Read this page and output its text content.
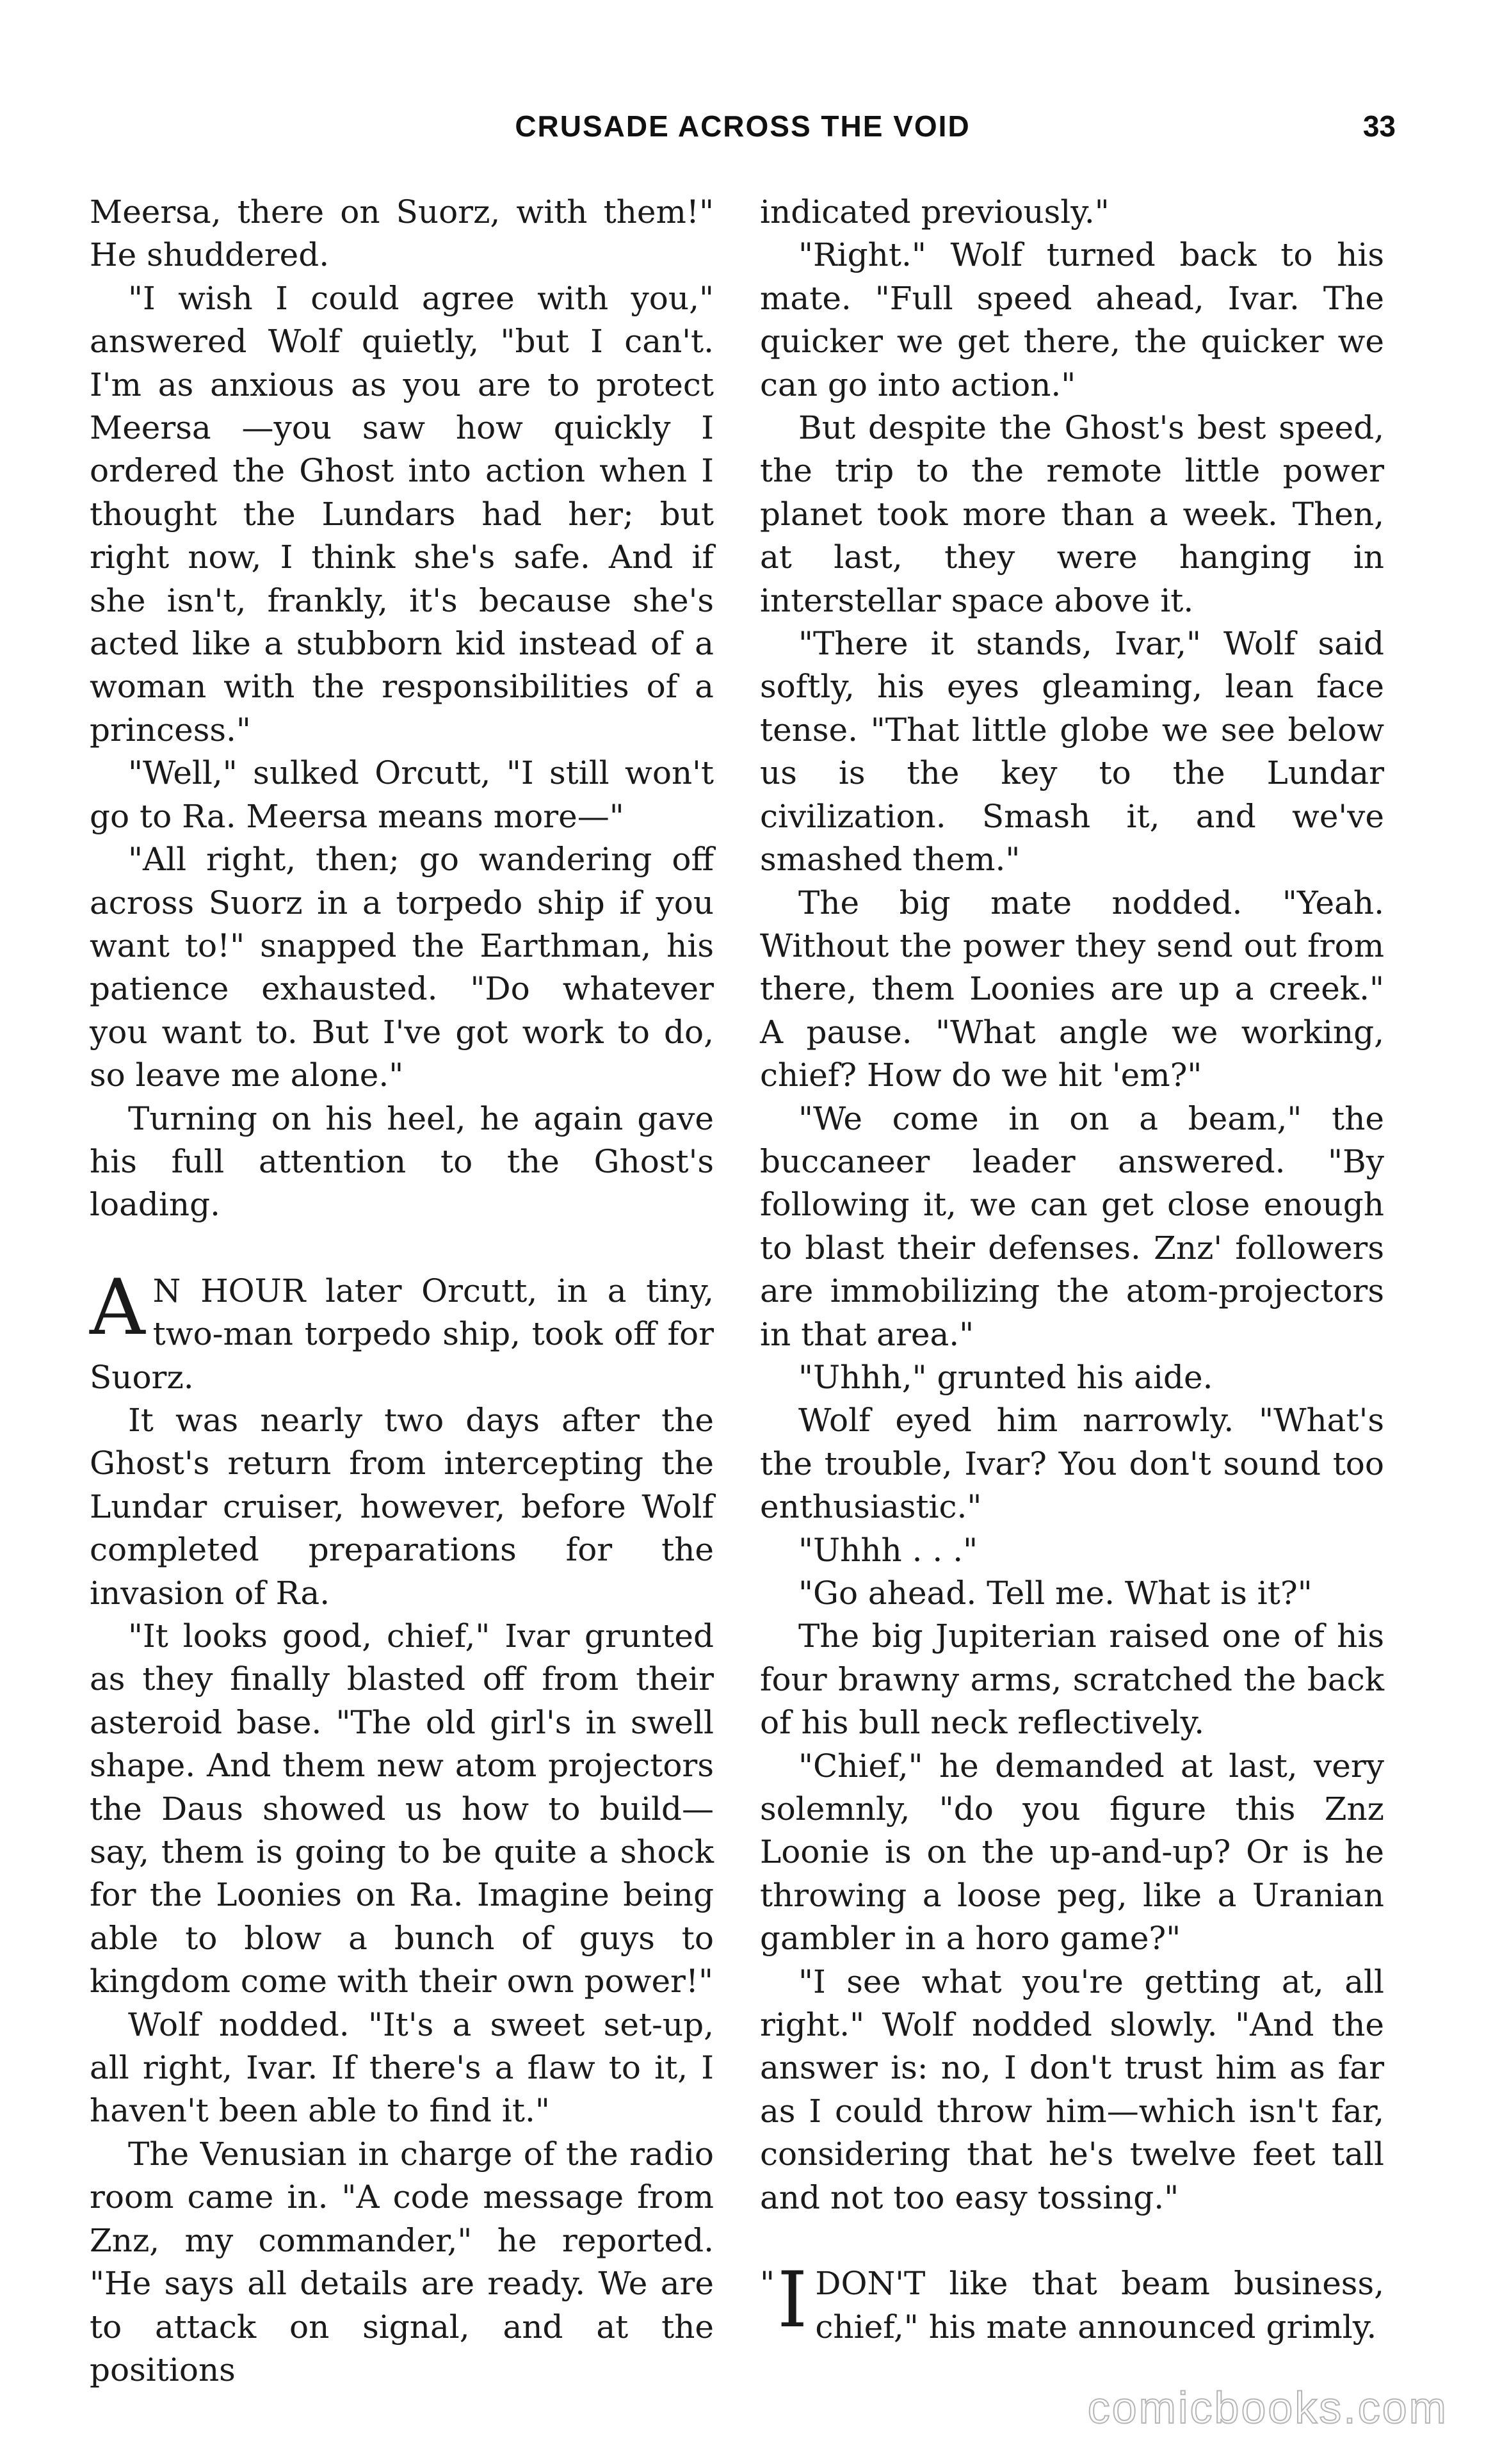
CRUSADE ACROSS THE VOID	33

Meersa, there on Suorz, with them!" He shuddered.

"I wish I could agree with you," answered Wolf quietly, "but I can't. I'm as anxious as you are to protect Meersa —you saw how quickly I ordered the Ghost into action when I thought the Lundars had her; but right now, I think she's safe. And if she isn't, frankly, it's because she's acted like a stubborn kid instead of a woman with the responsibilities of a princess."

"Well," sulked Orcutt, "I still won't go to Ra. Meersa means more—"

"All right, then; go wandering off across Suorz in a torpedo ship if you want to!" snapped the Earthman, his patience exhausted. "Do whatever you want to. But I've got work to do, so leave me alone."

Turning on his heel, he again gave his full attention to the Ghost's loading.

A N HOUR later Orcutt, in a tiny, two-man torpedo ship, took off for Suorz.

It was nearly two days after the Ghost's return from intercepting the Lundar cruiser, however, before Wolf completed preparations for the invasion of Ra.

"It looks good, chief," Ivar grunted as they finally blasted off from their asteroid base. "The old girl's in swell shape. And them new atom projectors the Daus showed us how to build—say, them is going to be quite a shock for the Loonies on Ra. Imagine being able to blow a bunch of guys to kingdom come with their own power!"

Wolf nodded. "It's a sweet set-up, all right, Ivar. If there's a flaw to it, I haven't been able to find it."

The Venusian in charge of the radio room came in. "A code message from Znz, my commander," he reported. "He says all details are ready. We are to attack on signal, and at the positions

indicated previously."

"Right." Wolf turned back to his mate. "Full speed ahead, Ivar. The quicker we get there, the quicker we can go into action."

But despite the Ghost's best speed, the trip to the remote little power planet took more than a week. Then, at last, they were hanging in interstellar space above it.

"There it stands, Ivar," Wolf said softly, his eyes gleaming, lean face tense. "That little globe we see below us is the key to the Lundar civilization. Smash it, and we've smashed them."

The big mate nodded. "Yeah. Without the power they send out from there, them Loonies are up a creek." A pause. "What angle we working, chief? How do we hit 'em?"

"We come in on a beam," the buccaneer leader answered. "By following it, we can get close enough to blast their defenses. Znz' followers are immobilizing the atom-projectors in that area."

"Uhhh," grunted his aide.

Wolf eyed him narrowly. "What's the trouble, Ivar? You don't sound too enthusiastic."

"Uhhh . . ."

"Go ahead. Tell me. What is it?"

The big Jupiterian raised one of his four brawny arms, scratched the back of his bull neck reflectively.

"Chief," he demanded at last, very solemnly, "do you figure this Znz Loonie is on the up-and-up? Or is he throwing a loose peg, like a Uranian gambler in a horo game?"

"I see what you're getting at, all right." Wolf nodded slowly. "And the answer is: no, I don't trust him as far as I could throw him—which isn't far, considering that he's twelve feet tall and not too easy tossing."

" I DON'T like that beam business, chief," his mate announced grimly.

comicbooks.com
